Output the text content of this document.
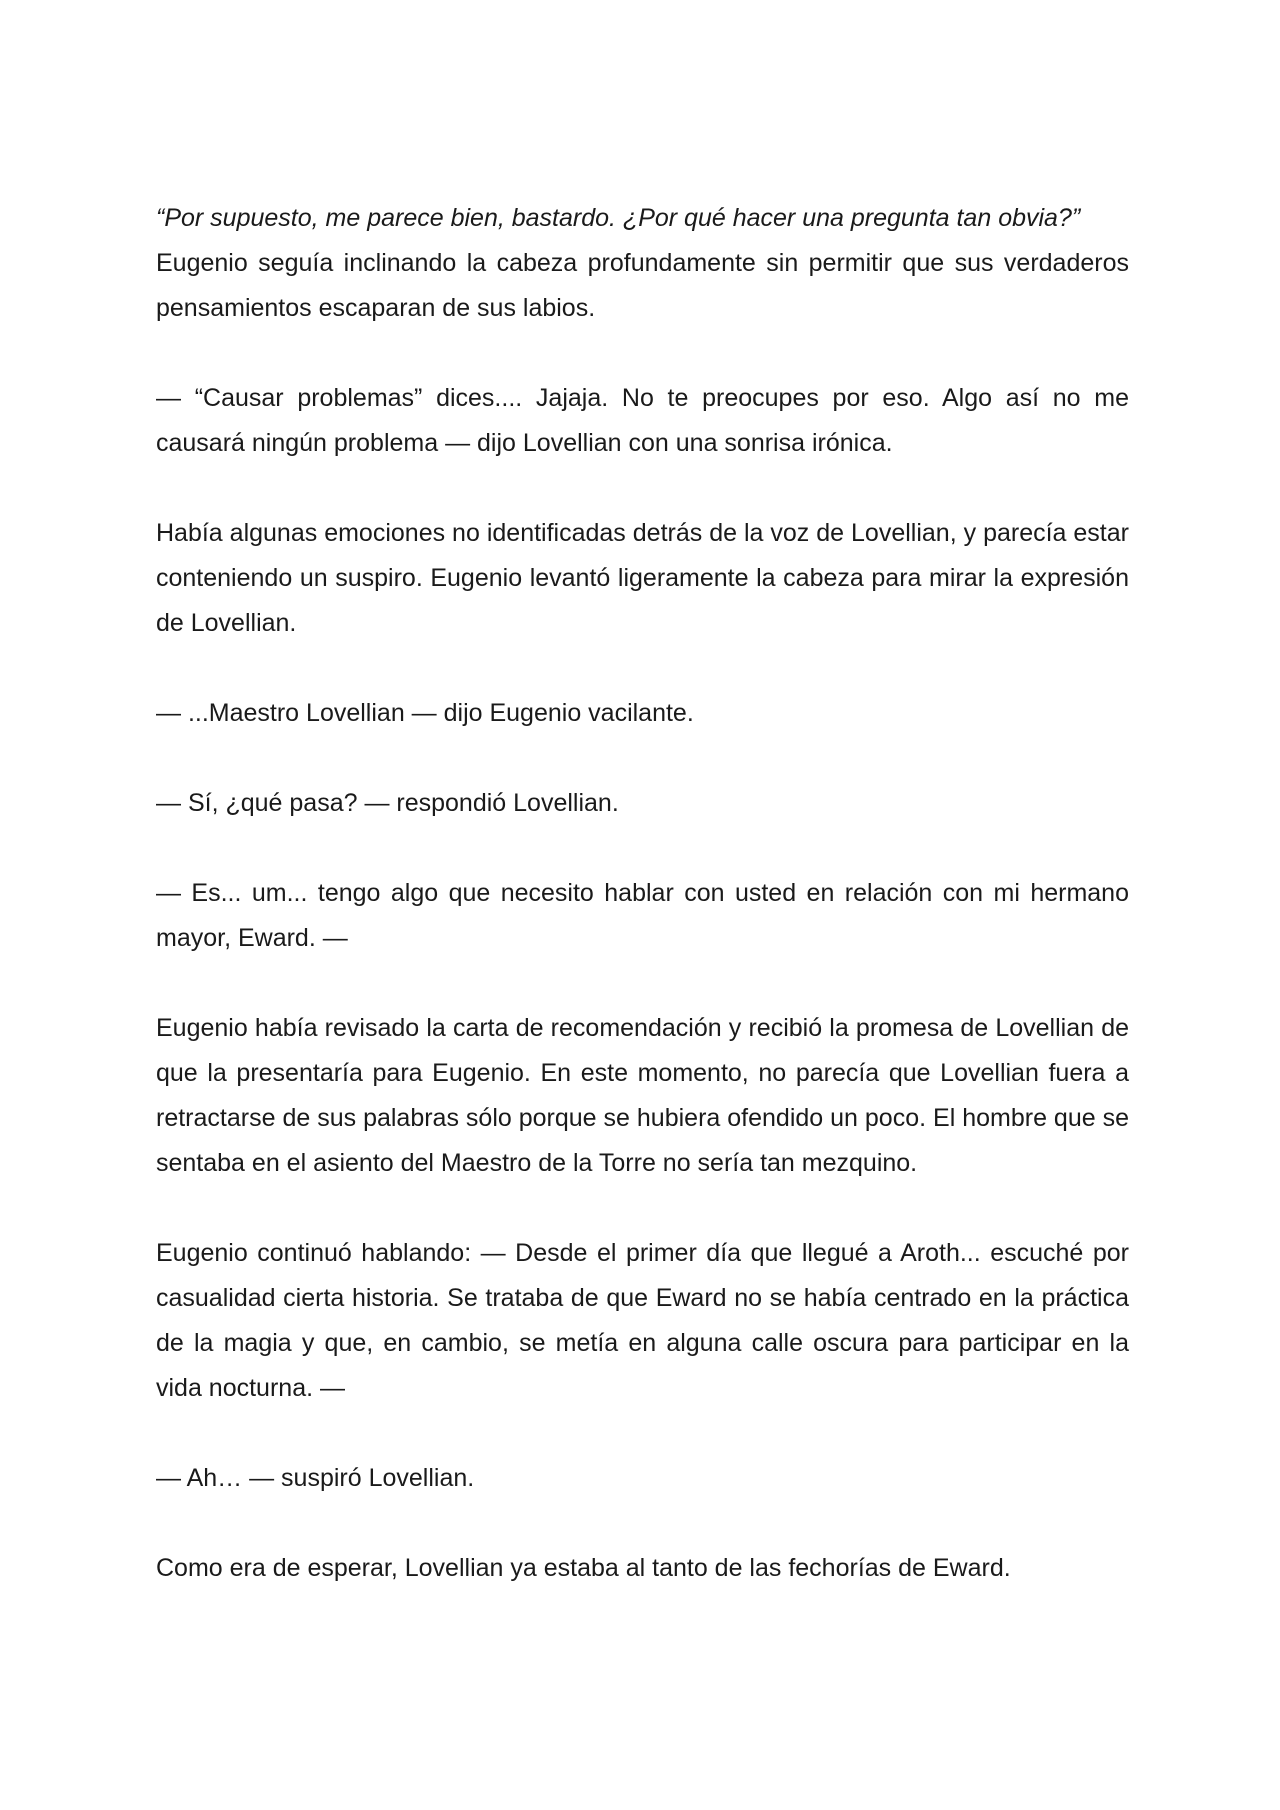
“Por supuesto, me parece bien, bastardo. ¿Por qué hacer una pregunta tan obvia?”
Eugenio seguía inclinando la cabeza profundamente sin permitir que sus verdaderos pensamientos escaparan de sus labios.

— “Causar problemas” dices.... Jajaja. No te preocupes por eso. Algo así no me causará ningún problema — dijo Lovellian con una sonrisa irónica.

Había algunas emociones no identificadas detrás de la voz de Lovellian, y parecía estar conteniendo un suspiro. Eugenio levantó ligeramente la cabeza para mirar la expresión de Lovellian.

— ...Maestro Lovellian — dijo Eugenio vacilante.

— Sí, ¿qué pasa? — respondió Lovellian.

— Es... um... tengo algo que necesito hablar con usted en relación con mi hermano mayor, Eward. —

Eugenio había revisado la carta de recomendación y recibió la promesa de Lovellian de que la presentaría para Eugenio. En este momento, no parecía que Lovellian fuera a retractarse de sus palabras sólo porque se hubiera ofendido un poco. El hombre que se sentaba en el asiento del Maestro de la Torre no sería tan mezquino.

Eugenio continuó hablando: — Desde el primer día que llegué a Aroth... escuché por casualidad cierta historia. Se trataba de que Eward no se había centrado en la práctica de la magia y que, en cambio, se metía en alguna calle oscura para participar en la vida nocturna. —

— Ah… — suspiró Lovellian.

Como era de esperar, Lovellian ya estaba al tanto de las fechorías de Eward.
